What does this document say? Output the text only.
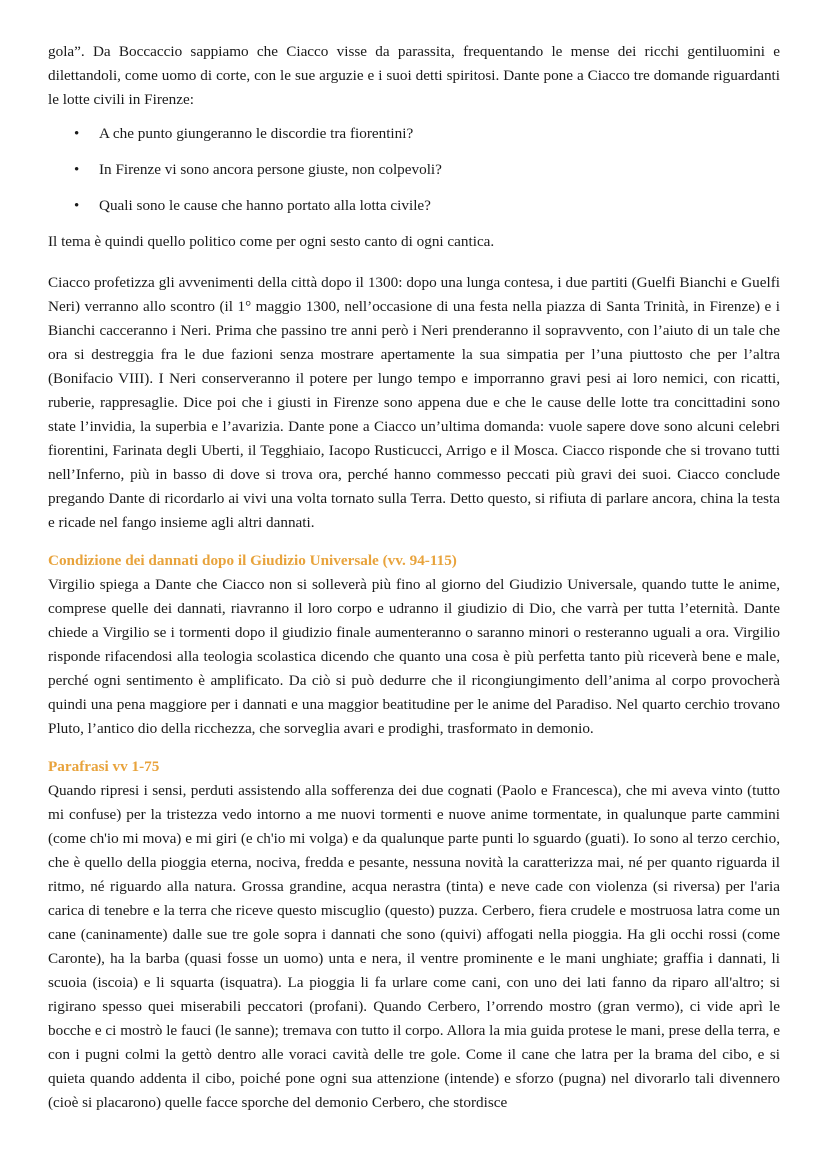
gola”. Da Boccaccio sappiamo che Ciacco visse da parassita, frequentando le mense dei ricchi gentiluomini e dilettandoli, come uomo di corte, con le sue arguzie e i suoi detti spiritosi. Dante pone a Ciacco tre domande riguardanti le lotte civili in Firenze:

• A che punto giungeranno le discordie tra fiorentini?
• In Firenze vi sono ancora persone giuste, non colpevoli?
• Quali sono le cause che hanno portato alla lotta civile?

Il tema è quindi quello politico come per ogni sesto canto di ogni cantica.

Ciacco profetizza gli avvenimenti della città dopo il 1300: dopo una lunga contesa, i due partiti (Guelfi Bianchi e Guelfi Neri) verranno allo scontro (il 1° maggio 1300, nell’occasione di una festa nella piazza di Santa Trinità, in Firenze) e i Bianchi cacceranno i Neri. Prima che passino tre anni però i Neri prenderanno il sopravvento, con l’aiuto di un tale che ora si destreggia fra le due fazioni senza mostrare apertamente la sua simpatia per l’una piuttosto che per l’altra (Bonifacio VIII). I Neri conserveranno il potere per lungo tempo e imporranno gravi pesi ai loro nemici, con ricatti, ruberie, rappresaglie. Dice poi che i giusti in Firenze sono appena due e che le cause delle lotte tra concittadini sono state l’invidia, la superbia e l’avarizia. Dante pone a Ciacco un’ultima domanda: vuole sapere dove sono alcuni celebri fiorentini, Farinata degli Uberti, il Tegghiaio, Iacopo Rusticucci, Arrigo e il Mosca. Ciacco risponde che si trovano tutti nell’Inferno, più in basso di dove si trova ora, perché hanno commesso peccati più gravi dei suoi. Ciacco conclude pregando Dante di ricordarlo ai vivi una volta tornato sulla Terra. Detto questo, si rifiuta di parlare ancora, china la testa e ricade nel fango insieme agli altri dannati.

Condizione dei dannati dopo il Giudizio Universale (vv. 94-115)

Virgilio spiega a Dante che Ciacco non si solleverà più fino al giorno del Giudizio Universale, quando tutte le anime, comprese quelle dei dannati, riavranno il loro corpo e udranno il giudizio di Dio, che varrà per tutta l’eternità. Dante chiede a Virgilio se i tormenti dopo il giudizio finale aumenteranno o saranno minori o resteranno uguali a ora. Virgilio risponde rifacendosi alla teologia scolastica dicendo che quanto una cosa è più perfetta tanto più riceverà bene e male, perché ogni sentimento è amplificato. Da ciò si può dedurre che il ricongiungimento dell’anima al corpo provocherà quindi una pena maggiore per i dannati e una maggior beatitudine per le anime del Paradiso. Nel quarto cerchio trovano Pluto, l’antico dio della ricchezza, che sorveglia avari e prodighi, trasformato in demonio.

Parafrasi vv 1-75

Quando ripresi i sensi, perduti assistendo alla sofferenza dei due cognati (Paolo e Francesca), che mi aveva vinto (tutto mi confuse) per la tristezza vedo intorno a me nuovi tormenti e nuove anime tormentate, in qualunque parte cammini (come ch'io mi mova) e mi giri (e ch'io mi volga) e da qualunque parte punti lo sguardo (guati). Io sono al terzo cerchio, che è quello della pioggia eterna, nociva, fredda e pesante, nessuna novità la caratterizza mai, né per quanto riguarda il ritmo, né riguardo alla natura. Grossa grandine, acqua nerastra (tinta) e neve cade con violenza (si riversa) per l'aria carica di tenebre e la terra che riceve questo miscuglio (questo) puzza. Cerbero, fiera crudele e mostruosa latra come un cane (caninamente) dalle sue tre gole sopra i dannati che sono (quivi) affogati nella pioggia. Ha gli occhi rossi (come Caronte), ha la barba (quasi fosse un uomo) unta e nera, il ventre prominente e le mani unghiate; graffia i dannati, li scuoia (iscoia) e li squarta (isquatra). La pioggia li fa urlare come cani, con uno dei lati fanno da riparo all'altro; si rigirano spesso quei miserabili peccatori (profani). Quando Cerbero, l’orrendo mostro (gran vermo), ci vide aprì le bocche e ci mostrò le fauci (le sanne); tremava con tutto il corpo. Allora la mia guida protese le mani, prese della terra, e con i pugni colmi la gettò dentro alle voraci cavità delle tre gole. Come il cane che latra per la brama del cibo, e si quieta quando addenta il cibo, poiché pone ogni sua attenzione (intende) e sforzo (pugna) nel divorarlo tali divennero (cioè si placarono) quelle facce sporche del demonio Cerbero, che stordisce
